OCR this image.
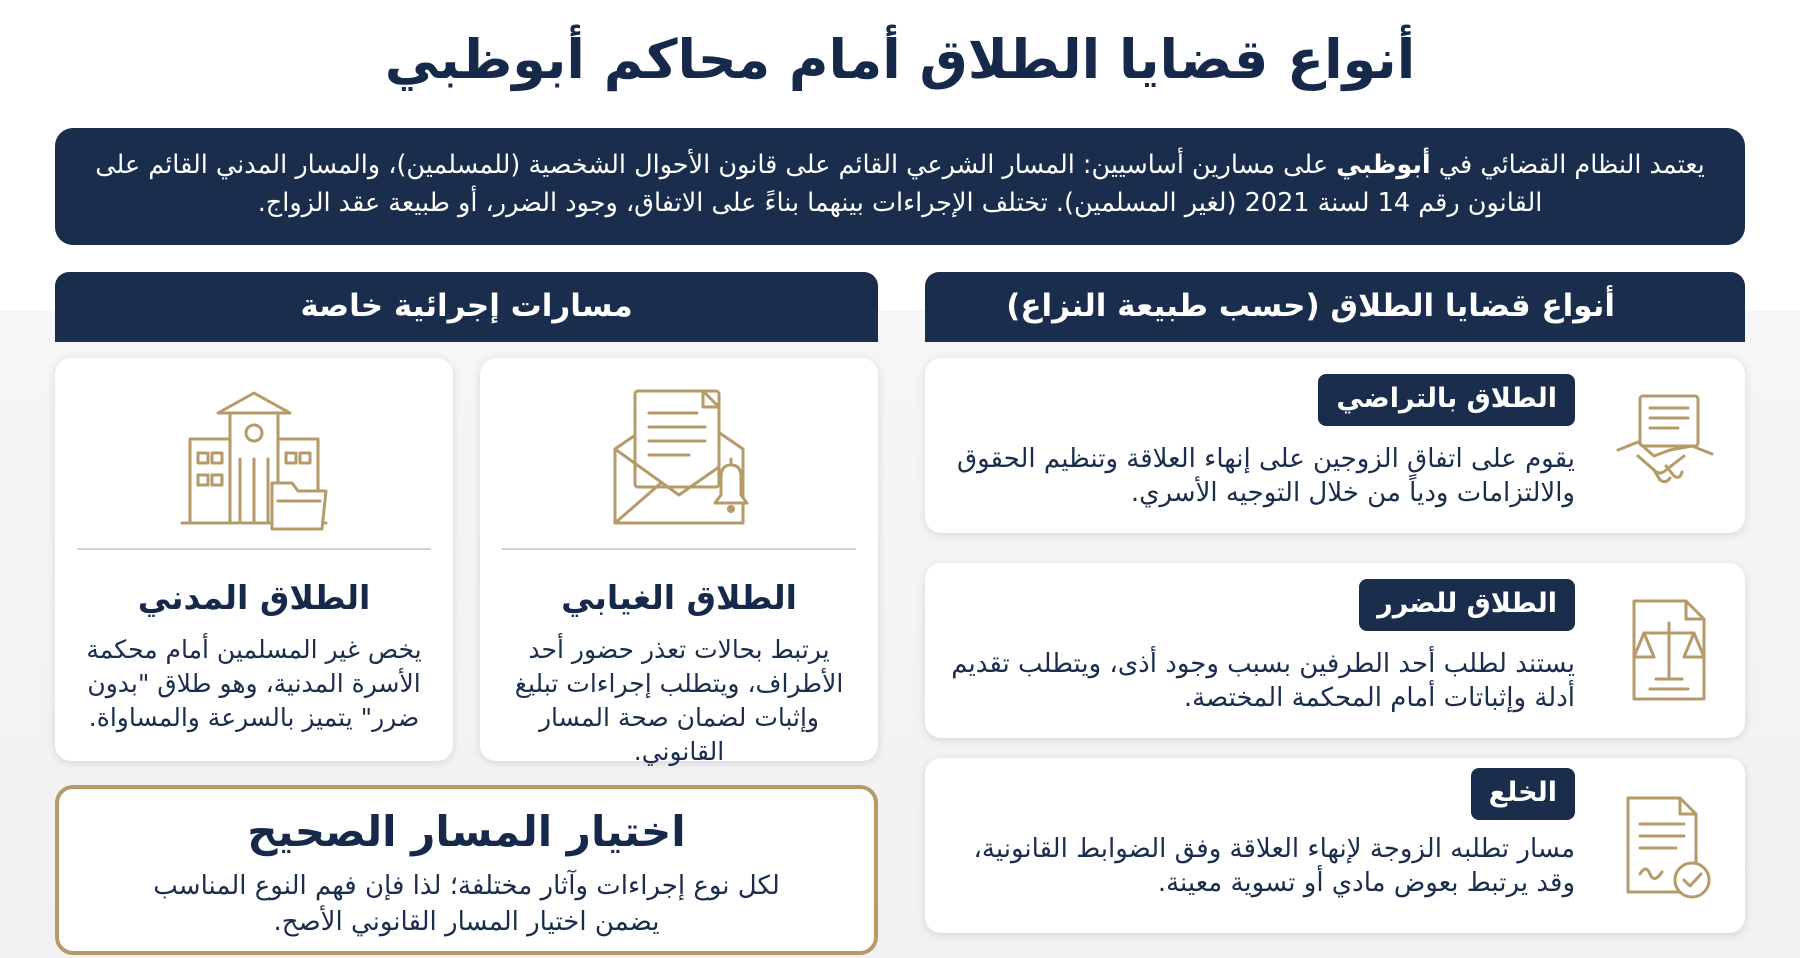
أنواع قضايا الطلاق أمام محاكم أبوظبي
يعتمد النظام القضائي في أبوظبي على مسارين أساسيين: المسار الشرعي القائم على قانون الأحوال الشخصية (للمسلمين)، والمسار المدني القائم على القانون رقم 14 لسنة 2021 (لغير المسلمين). تختلف الإجراءات بينهما بناءً على الاتفاق، وجود الضرر، أو طبيعة عقد الزواج.
أنواع قضايا الطلاق (حسب طبيعة النزاع)
مسارات إجرائية خاصة
الطلاق بالتراضي
يقوم على اتفاق الزوجين على إنهاء العلاقة وتنظيم الحقوق
والالتزامات ودياً من خلال التوجيه الأسري.
الطلاق للضرر
يستند لطلب أحد الطرفين بسبب وجود أذى، ويتطلب تقديم
أدلة وإثباتات أمام المحكمة المختصة.
الخلع
مسار تطلبه الزوجة لإنهاء العلاقة وفق الضوابط القانونية،
وقد يرتبط بعوض مادي أو تسوية معينة.
الطلاق الغيابي
يرتبط بحالات تعذر حضور أحد
الأطراف، ويتطلب إجراءات تبليغ
وإثبات لضمان صحة المسار القانوني.
الطلاق المدني
يخص غير المسلمين أمام محكمة
الأسرة المدنية، وهو طلاق "بدون
ضرر" يتميز بالسرعة والمساواة.
اختيار المسار الصحيح
لكل نوع إجراءات وآثار مختلفة؛ لذا فإن فهم النوع المناسب
يضمن اختيار المسار القانوني الأصح.
